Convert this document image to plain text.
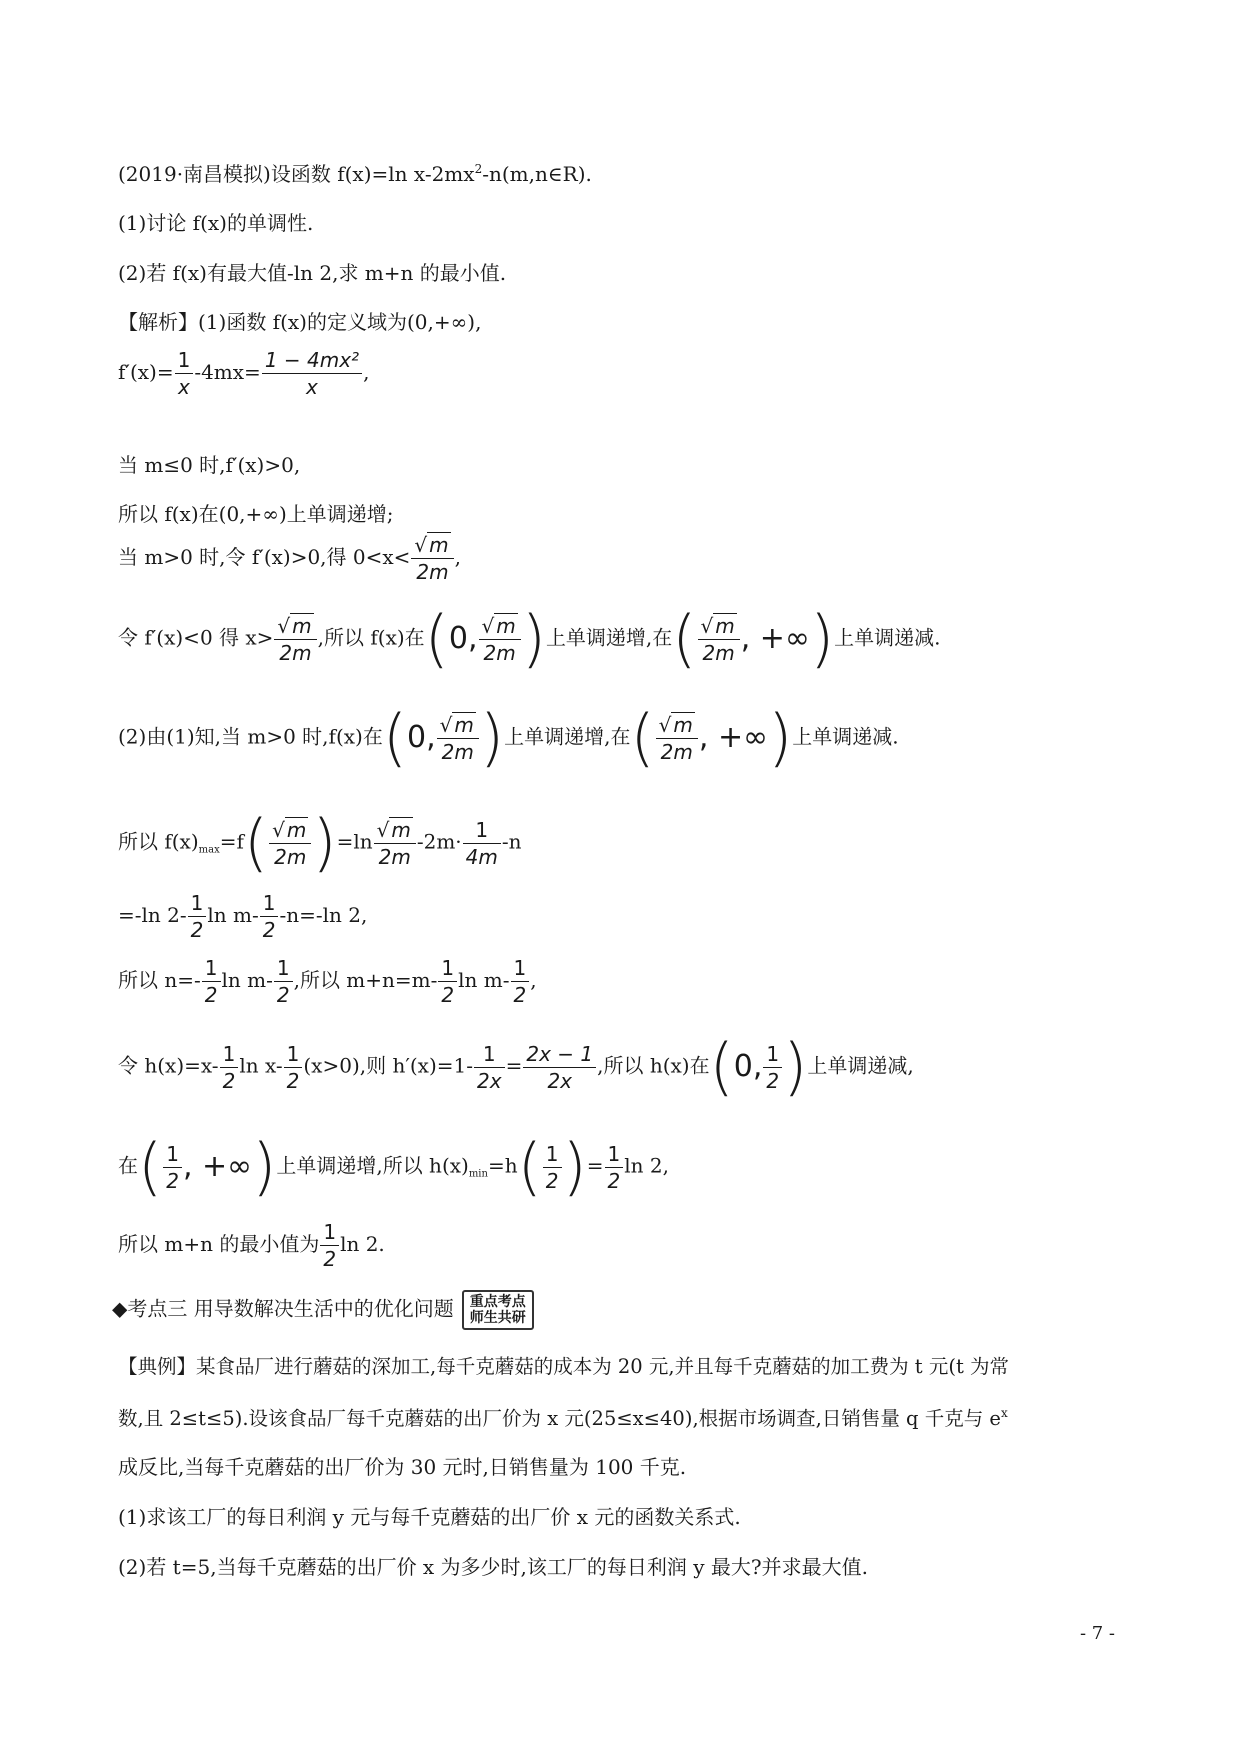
(2019·南昌模拟)设函数 f(x)=ln $x-2mx^2-n(m,n\in R)$.
(1)讨论 f(x)的单调性.
(2)若 f(x)有最大值-ln 2,求 m+n 的最小值.
【解析】(1)函数 f(x)的定义域为(0,+∞),
$f'(x)= \frac{1}{x} -4mx= \frac{\text{1 − 4mx²}}{x}$ ,
当 m≤0 时,f′(x)>0,
所以 f(x)在(0,+∞)上单调递增;
当 m>0 时,令 f′(x)>0,得 $0<x< \frac{√ m}{2m}$ ,
令 f′(x)<0 得 $x> \frac{√ m}{2m}$ ,所以 f(x)在(0, $\frac{√ m}{2m}$ )上单调递增,在( $\frac{√ m}{2m}$ , +∞)上单调递减.
(2)由(1)知,当 m>0 时,f(x)在(0, $\frac{√ m}{2m}$ )上单调递增,在( $\frac{√ m}{2m}$ , +∞)上单调递减.
所以 $f(x)_{max}=f( \frac{√ m}{2m} )=\ln \frac{√ m}{2m} -2m\cdot \frac{1}{4m} -n$
=-ln $2- \frac{1}{2}$ $\ln m- \frac{1}{2} -n=-\ln$ 2,
所以 $n=- \frac{1}{2}$ $\ln m- \frac{1}{2}$ ,所以 $m+n=m- \frac{1}{2}$ $\ln m- \frac{1}{2}$ ,
令 $h(x)=x- \frac{1}{2}$ $\ln x- \frac{1}{2} (x>0)$,则 $h'(x)=1- \frac{1}{2x} = \frac{2x - 1}{2x}$ ,所以 h(x)在(0, $\frac{1}{2}$ )上单调递减,
在( $\frac{1}{2}$ , +∞)上单调递增,所以 $h(x)_{min}=h( \frac{1}{2}$ )= $\frac{1}{2}$ ln 2,
所以 m+n 的最小值为 $\frac{1}{2}$ ln 2.
◆考点三 用导数解决生活中的优化问题 重点考点
师生共研
【典例】某食品厂进行蘑菇的深加工,每千克蘑菇的成本为 20 元,并且每千克蘑菇的加工费为 t 元(t 为常
数,且 2≤t≤5).设该食品厂每千克蘑菇的出厂价为 x 元(25≤x≤40),根据市场调查,日销售量 q 千克与 $e^x$
成反比,当每千克蘑菇的出厂价为 30 元时,日销售量为 100 千克.
(1)求该工厂的每日利润 y 元与每千克蘑菇的出厂价 x 元的函数关系式.
(2)若 t=5,当每千克蘑菇的出厂价 x 为多少时,该工厂的每日利润 y 最大?并求最大值.
- 7 -
